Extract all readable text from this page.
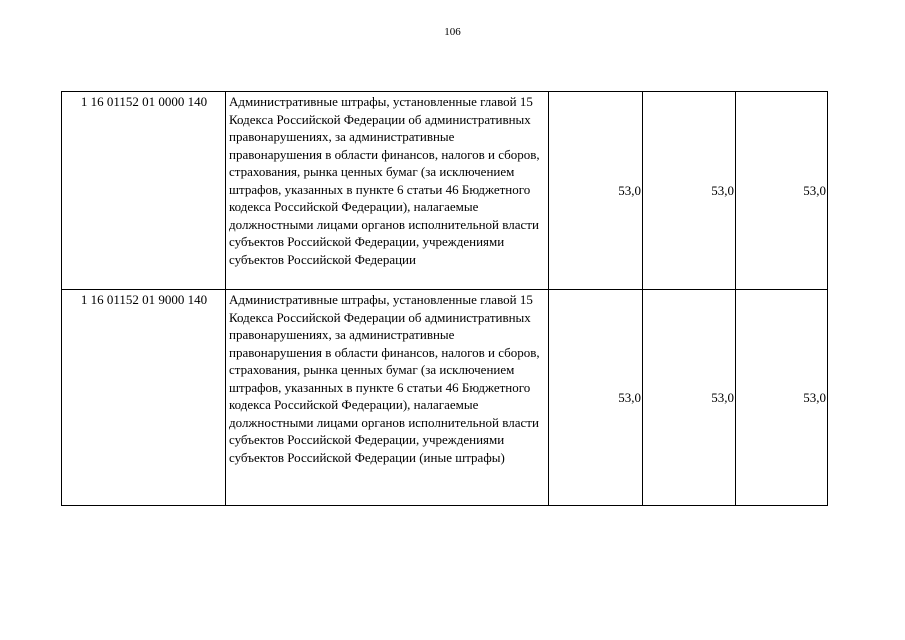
106
1 16 01152 01 0000 140	Административные штрафы, установленные главой 15 Кодекса Российской Федерации об административных правонарушениях, за административные правонарушения в области финансов, налогов и сборов, страхования, рынка ценных бумаг (за исключением штрафов, указанных в пункте 6 статьи 46 Бюджетного кодекса Российской Федерации), налагаемые должностными лицами органов исполнительной власти субъектов Российской Федерации, учреждениями субъектов Российской Федерации	53,0	53,0	53,0
1 16 01152 01 9000 140	Административные штрафы, установленные главой 15 Кодекса Российской Федерации об административных правонарушениях, за административные правонарушения в области финансов, налогов и сборов, страхования, рынка ценных бумаг (за исключением штрафов, указанных в пункте 6 статьи 46 Бюджетного кодекса Российской Федерации), налагаемые должностными лицами органов исполнительной власти субъектов Российской Федерации, учреждениями субъектов Российской Федерации (иные штрафы)	53,0	53,0	53,0
